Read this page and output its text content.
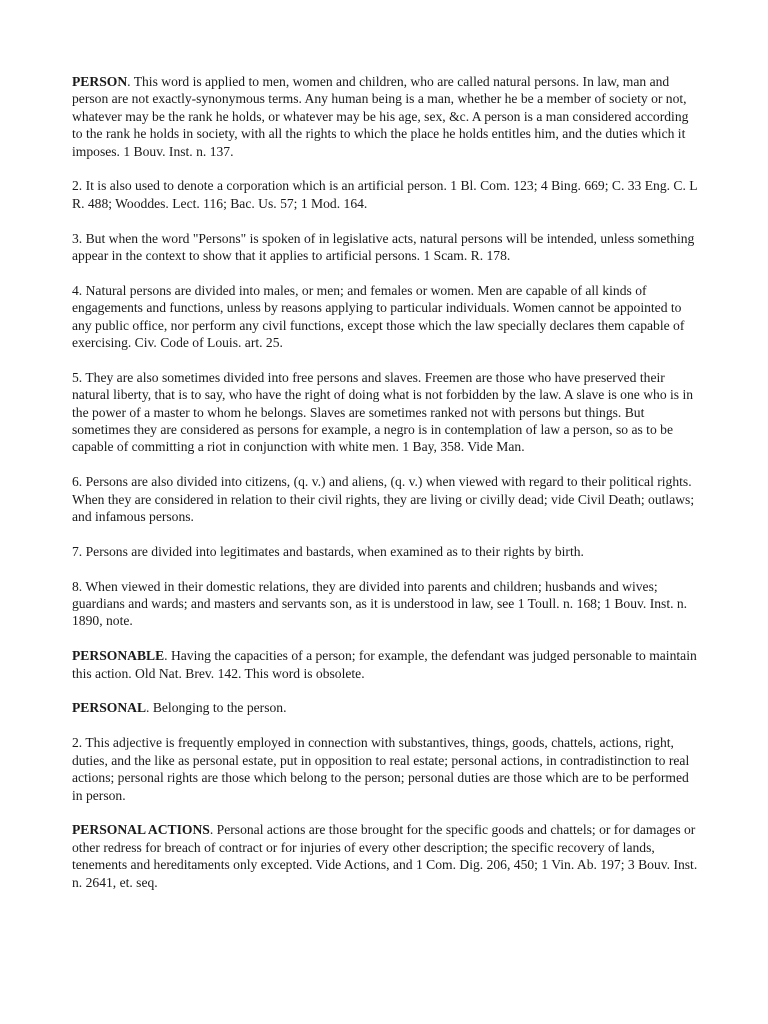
PERSON. This word is applied to men, women and children, who are called natural persons. In law, man and person are not exactly-synonymous terms. Any human being is a man, whether he be a member of society or not, whatever may be the rank he holds, or whatever may be his age, sex, &c. A person is a man considered according to the rank he holds in society, with all the rights to which the place he holds entitles him, and the duties which it imposes. 1 Bouv. Inst. n. 137.

2. It is also used to denote a corporation which is an artificial person. 1 Bl. Com. 123; 4 Bing. 669; C. 33 Eng. C. L R. 488; Wooddes. Lect. 116; Bac. Us. 57; 1 Mod. 164.

3. But when the word "Persons" is spoken of in legislative acts, natural persons will be intended, unless something appear in the context to show that it applies to artificial persons. 1 Scam. R. 178.

4. Natural persons are divided into males, or men; and females or women. Men are capable of all kinds of engagements and functions, unless by reasons applying to particular individuals. Women cannot be appointed to any public office, nor perform any civil functions, except those which the law specially declares them capable of exercising. Civ. Code of Louis. art. 25.

5. They are also sometimes divided into free persons and slaves. Freemen are those who have preserved their natural liberty, that is to say, who have the right of doing what is not forbidden by the law. A slave is one who is in the power of a master to whom he belongs. Slaves are sometimes ranked not with persons but things. But sometimes they are considered as persons for example, a negro is in contemplation of law a person, so as to be capable of committing a riot in conjunction with white men. 1 Bay, 358. Vide Man.

6. Persons are also divided into citizens, (q. v.) and aliens, (q. v.) when viewed with regard to their political rights. When they are considered in relation to their civil rights, they are living or civilly dead; vide Civil Death; outlaws; and infamous persons.

7. Persons are divided into legitimates and bastards, when examined as to their rights by birth.

8. When viewed in their domestic relations, they are divided into parents and children; husbands and wives; guardians and wards; and masters and servants son, as it is understood in law, see 1 Toull. n. 168; 1 Bouv. Inst. n. 1890, note.

PERSONABLE. Having the capacities of a person; for example, the defendant was judged personable to maintain this action. Old Nat. Brev. 142. This word is obsolete.

PERSONAL. Belonging to the person.

2. This adjective is frequently employed in connection with substantives, things, goods, chattels, actions, right, duties, and the like as personal estate, put in opposition to real estate; personal actions, in contradistinction to real actions; personal rights are those which belong to the person; personal duties are those which are to be performed in person.

PERSONAL ACTIONS. Personal actions are those brought for the specific goods and chattels; or for damages or other redress for breach of contract or for injuries of every other description; the specific recovery of lands, tenements and hereditaments only excepted. Vide Actions, and 1 Com. Dig. 206, 450; 1 Vin. Ab. 197; 3 Bouv. Inst. n. 2641, et. seq.
